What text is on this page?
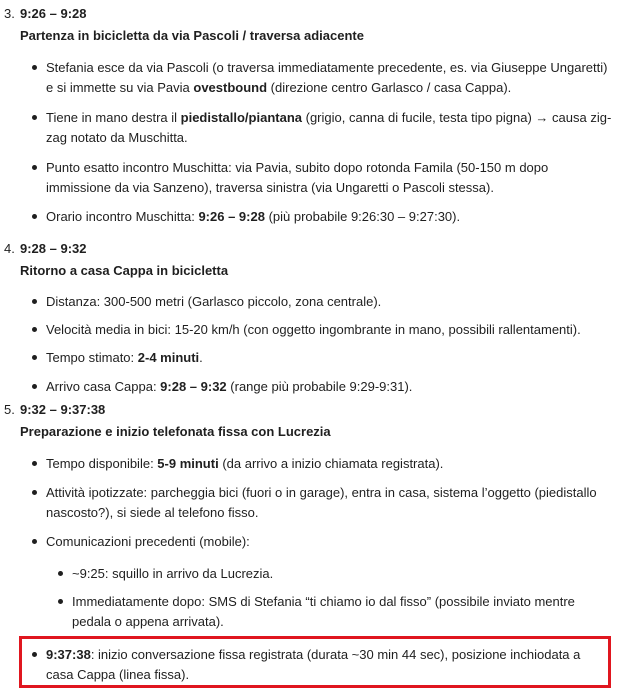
3. 9:26 – 9:28
Partenza in bicicletta da via Pascoli / traversa adiacente
Stefania esce da via Pascoli (o traversa immediatamente precedente, es. via Giuseppe Ungaretti) e si immette su via Pavia ovestbound (direzione centro Garlasco / casa Cappa).
Tiene in mano destra il piedistallo/piantana (grigio, canna di fucile, testa tipo pigna) → causa zig-zag notato da Muschitta.
Punto esatto incontro Muschitta: via Pavia, subito dopo rotonda Famila (50-150 m dopo immissione da via Sanzeno), traversa sinistra (via Ungaretti o Pascoli stessa).
Orario incontro Muschitta: 9:26 – 9:28 (più probabile 9:26:30 – 9:27:30).
4. 9:28 – 9:32
Ritorno a casa Cappa in bicicletta
Distanza: 300-500 metri (Garlasco piccolo, zona centrale).
Velocità media in bici: 15-20 km/h (con oggetto ingombrante in mano, possibili rallentamenti).
Tempo stimato: 2-4 minuti.
Arrivo casa Cappa: 9:28 – 9:32 (range più probabile 9:29-9:31).
5. 9:32 – 9:37:38
Preparazione e inizio telefonata fissa con Lucrezia
Tempo disponibile: 5-9 minuti (da arrivo a inizio chiamata registrata).
Attività ipotizzate: parcheggia bici (fuori o in garage), entra in casa, sistema l’oggetto (piedistallo nascosto?), si siede al telefono fisso.
Comunicazioni precedenti (mobile):
~9:25: squillo in arrivo da Lucrezia.
Immediatamente dopo: SMS di Stefania “ti chiamo io dal fisso” (possibile inviato mentre pedala o appena arrivata).
9:37:38: inizio conversazione fissa registrata (durata ~30 min 44 sec), posizione inchiodata a casa Cappa (linea fissa).
